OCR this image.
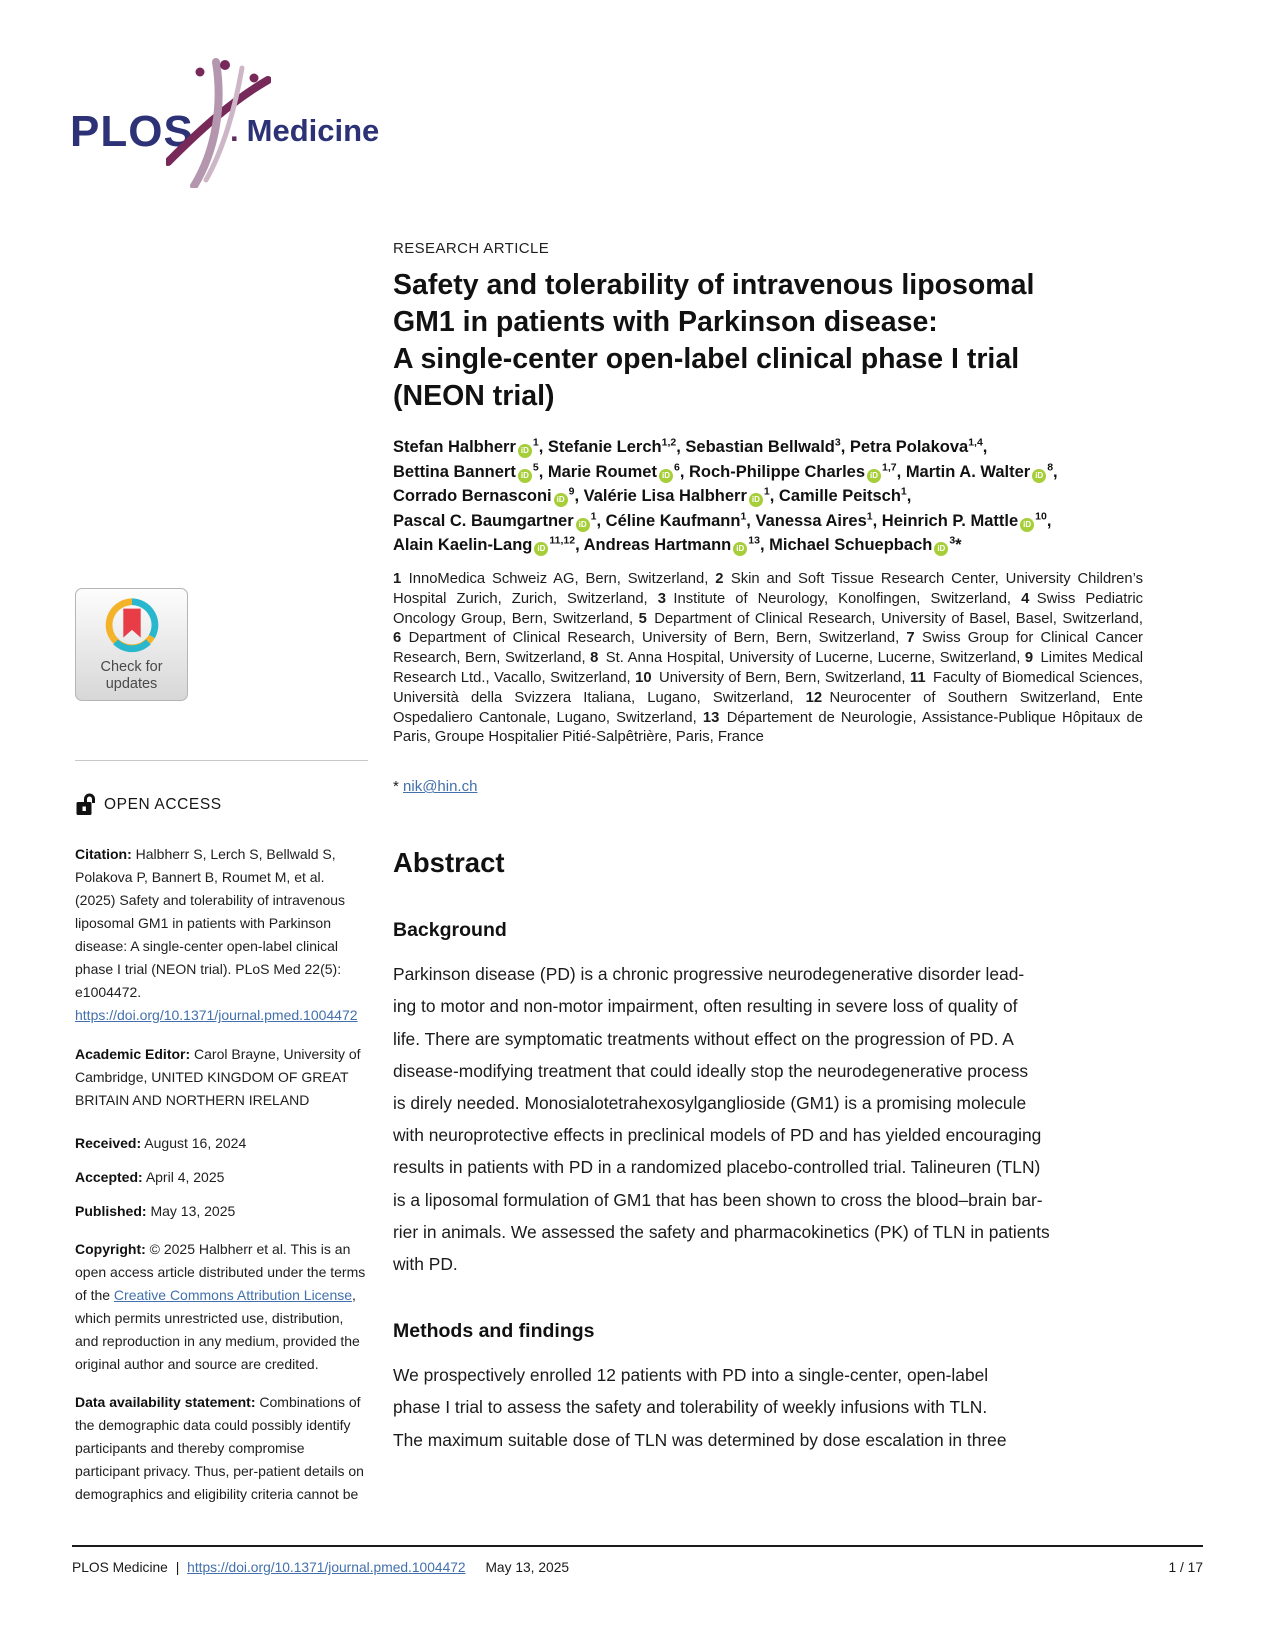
PLOS . Medicine
Check for
updates
OPEN ACCESS

Citation: Halbherr S, Lerch S, Bellwald S, Polakova P, Bannert B, Roumet M, et al. (2025) Safety and tolerability of intravenous liposomal GM1 in patients with Parkinson disease: A single-center open-label clinical phase I trial (NEON trial). PLoS Med 22(5): e1004472.
https://doi.org/10.1371/journal.pmed.1004472

Academic Editor: Carol Brayne, University of Cambridge, UNITED KINGDOM OF GREAT BRITAIN AND NORTHERN IRELAND

Received: August 16, 2024

Accepted: April 4, 2025

Published: May 13, 2025

Copyright: © 2025 Halbherr et al. This is an open access article distributed under the terms of the Creative Commons Attribution License, which permits unrestricted use, distribution, and reproduction in any medium, provided the original author and source are credited.

Data availability statement: Combinations of the demographic data could possibly identify participants and thereby compromise participant privacy. Thus, per-patient details on demographics and eligibility criteria cannot be

RESEARCH ARTICLE
Safety and tolerability of intravenous liposomal
GM1 in patients with Parkinson disease:
A single-center open-label clinical phase I trial
(NEON trial)
Stefan Halbherr $iD^1$, Stefanie Lerch$^{1,2}$, Sebastian Bellwald$^3$, Petra Polakova$^{1,4}$,
Bettina Bannert $iD^5$, Marie Roumet $iD^6$, Roch-Philippe Charles iD$^{1,7}$, Martin A. Walter $iD^8$,
Corrado Bernasconi $iD^9$, Valérie Lisa Halbherr $iD^1$, Camille Peitsch$^1$,
Pascal C. Baumgartner $iD^1$, Céline Kaufmann$^1$, Vanessa Aires$^1$, Heinrich P. Mattle $iD^{10}$,
Alain Kaelin-Lang iD$^{11,12}$, Andreas Hartmann $iD^{13}$, Michael Schuepbach $iD^3*$

1 InnoMedica Schweiz AG, Bern, Switzerland, 2 Skin and Soft Tissue Research Center, University Children’s Hospital Zurich, Zurich, Switzerland, 3 Institute of Neurology, Konolfingen, Switzerland, 4 Swiss Pediatric Oncology Group, Bern, Switzerland, 5 Department of Clinical Research, University of Basel, Basel, Switzerland, 6 Department of Clinical Research, University of Bern, Bern, Switzerland, 7 Swiss Group for Clinical Cancer Research, Bern, Switzerland, 8 St. Anna Hospital, University of Lucerne, Lucerne, Switzerland, 9 Limites Medical Research Ltd., Vacallo, Switzerland, 10 University of Bern, Bern, Switzerland, 11 Faculty of Biomedical Sciences, Università della Svizzera Italiana, Lugano, Switzerland, 12 Neurocenter of Southern Switzerland, Ente Ospedaliero Cantonale, Lugano, Switzerland, 13 Département de Neurologie, Assistance-Publique Hôpitaux de Paris, Groupe Hospitalier Pitié-Salpêtrière, Paris, France

* nik@hin.ch

Abstract
Background
Parkinson disease (PD) is a chronic progressive neurodegenerative disorder lead-
ing to motor and non-motor impairment, often resulting in severe loss of quality of
life. There are symptomatic treatments without effect on the progression of PD. A
disease-modifying treatment that could ideally stop the neurodegenerative process
is direly needed. Monosialotetrahexosylganglioside (GM1) is a promising molecule
with neuroprotective effects in preclinical models of PD and has yielded encouraging
results in patients with PD in a randomized placebo-controlled trial. Talineuren (TLN)
is a liposomal formulation of GM1 that has been shown to cross the blood–brain bar-
rier in animals. We assessed the safety and pharmacokinetics (PK) of TLN in patients
with PD.
Methods and findings
We prospectively enrolled 12 patients with PD into a single-center, open-label
phase I trial to assess the safety and tolerability of weekly infusions with TLN.
The maximum suitable dose of TLN was determined by dose escalation in three
PLOS Medicine | https://doi.org/10.1371/journal.pmed.1004472 May 13, 2025	1 / 17
